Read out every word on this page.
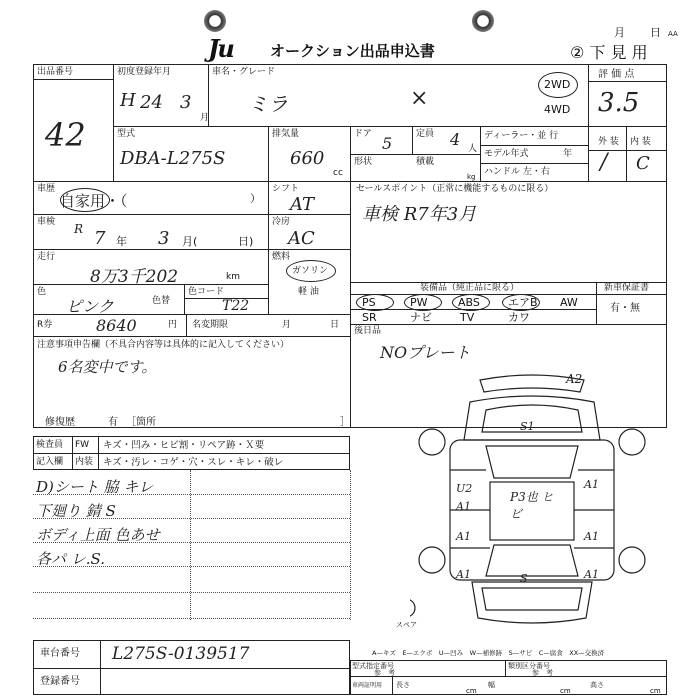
Ju オークション出品申込書
月 日 AA
② 下 見 用
出品番号
42
初度登録年月
H 24 3
月
車名・グレード
ミラ	×
2WD
4WD
評 価 点
3.5
型式
DBA-L275S
排気量
660
cc
ドア 5	定員 4 人
形状	積載
kg
ディーラー・並 行
モデル年式	年
ハンドル 左・右
外 装 内 装
/ C
車歴
自家用・（	）
シフト
AT
セールスポイント（正常に機能するものに限る）
車検 R7年3月
車検 R 7 年 3 月(	日)
冷房
AC
走行
8万3千202	km
燃料
ガソリン
軽 油
色
ピンク	色替
色コード
T22
装備品（純正品に限る）	新車保証書
PS	PW	ABS	エアB AW
SR	ナビ	TV	カワ
有・無
R券	8640	円 名変期限	月	日
後日品
NOプレート
注意事項申告欄（不具合内容等は具体的に記入してください）
6名変中です。
修復歴	有 ［箇所	］
検査員
記入欄
FW キズ・凹み・ヒビ割・リペア跡・Ｘ要
内装 キズ・汚レ・コゲ・穴・スレ・キレ・破レ
D)シート 脇 キレ
下廻り 錆 S
ボディ上面 色あせ
各パ レ.S.
A2
S1
U2
P3也 ヒビ
A1
A1
A1	A1
A1	A1
S
スペア
A—キズ　E—エクボ　U—凹み　W—補修跡　S—サビ　C—腐食　XX—交換済
車台番号 L275S-0139517
登録番号
型式指定番号
参　考
類別区分番号
参　考
車両証明用 長さ
cm
幅
cm
高さ
cm
